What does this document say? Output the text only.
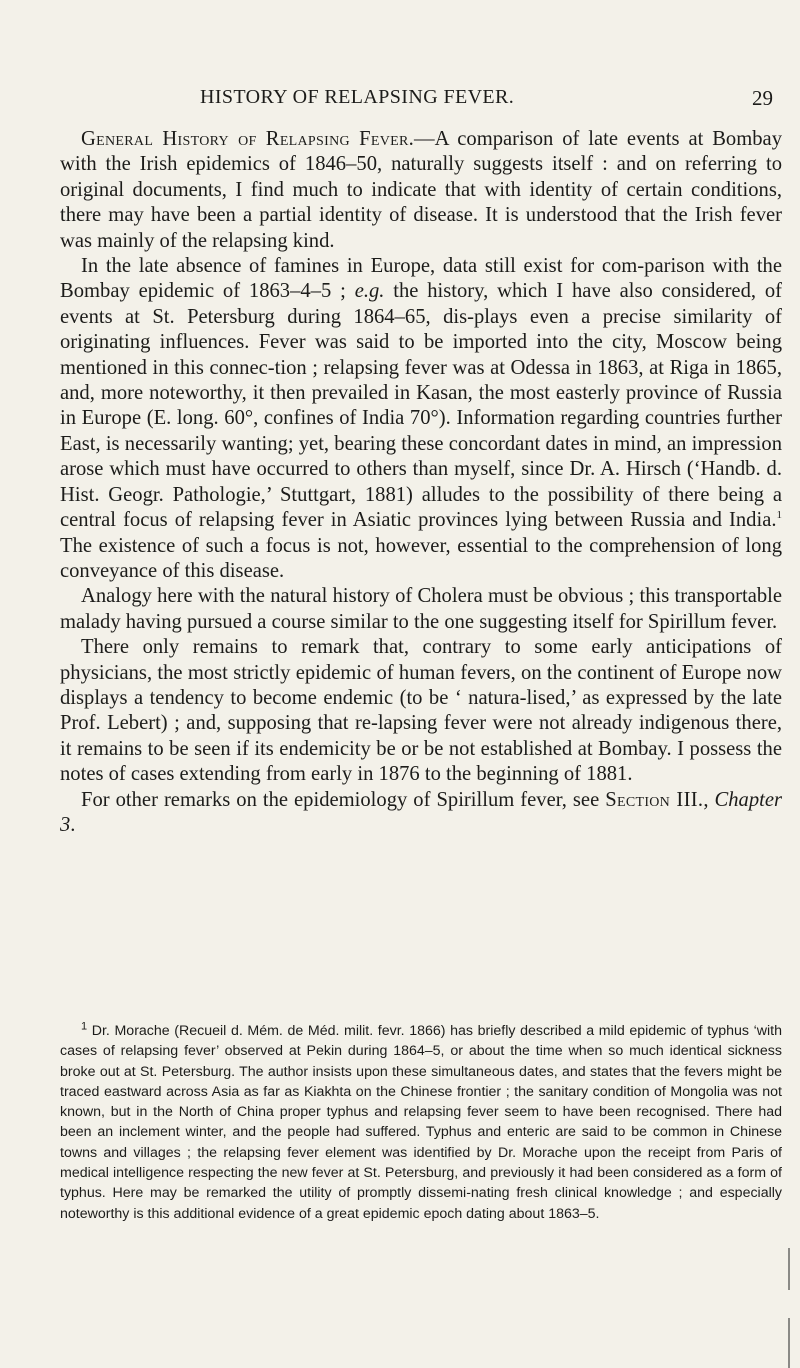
HISTORY OF RELAPSING FEVER.	29

General History of Relapsing Fever.—A comparison of late events at Bombay with the Irish epidemics of 1846–50, naturally suggests itself : and on referring to original documents, I find much to indicate that with identity of certain conditions, there may have been a partial identity of disease. It is understood that the Irish fever was mainly of the relapsing kind.

In the late absence of famines in Europe, data still exist for com-parison with the Bombay epidemic of 1863–4–5 ; e.g. the history, which I have also considered, of events at St. Petersburg during 1864–65, dis-plays even a precise similarity of originating influences. Fever was said to be imported into the city, Moscow being mentioned in this connec-tion ; relapsing fever was at Odessa in 1863, at Riga in 1865, and, more noteworthy, it then prevailed in Kasan, the most easterly province of Russia in Europe (E. long. 60°, confines of India 70°). Information regarding countries further East, is necessarily wanting; yet, bearing these concordant dates in mind, an impression arose which must have occurred to others than myself, since Dr. A. Hirsch (‘Handb. d. Hist. Geogr. Pathologie,’ Stuttgart, 1881) alludes to the possibility of there being a central focus of relapsing fever in Asiatic provinces lying between Russia and India.$^1$ The existence of such a focus is not, however, essential to the comprehension of long conveyance of this disease.

Analogy here with the natural history of Cholera must be obvious ; this transportable malady having pursued a course similar to the one suggesting itself for Spirillum fever.

There only remains to remark that, contrary to some early anticipations of physicians, the most strictly epidemic of human fevers, on the continent of Europe now displays a tendency to become endemic (to be ‘ natura-lised,’ as expressed by the late Prof. Lebert) ; and, supposing that re-lapsing fever were not already indigenous there, it remains to be seen if its endemicity be or be not established at Bombay. I possess the notes of cases extending from early in 1876 to the beginning of 1881.

For other remarks on the epidemiology of Spirillum fever, see Section III., Chapter 3.

$^1$ Dr. Morache (Recueil d. Mém. de Méd. milit. fevr. 1866) has briefly described a mild epidemic of typhus ‘with cases of relapsing fever’ observed at Pekin during 1864–5, or about the time when so much identical sickness broke out at St. Petersburg. The author insists upon these simultaneous dates, and states that the fevers might be traced eastward across Asia as far as Kiakhta on the Chinese frontier ; the sanitary condition of Mongolia was not known, but in the North of China proper typhus and relapsing fever seem to have been recognised. There had been an inclement winter, and the people had suffered. Typhus and enteric are said to be common in Chinese towns and villages ; the relapsing fever element was identified by Dr. Morache upon the receipt from Paris of medical intelligence respecting the new fever at St. Petersburg, and previously it had been considered as a form of typhus. Here may be remarked the utility of promptly dissemi-nating fresh clinical knowledge ; and especially noteworthy is this additional evidence of a great epidemic epoch dating about 1863–5.
